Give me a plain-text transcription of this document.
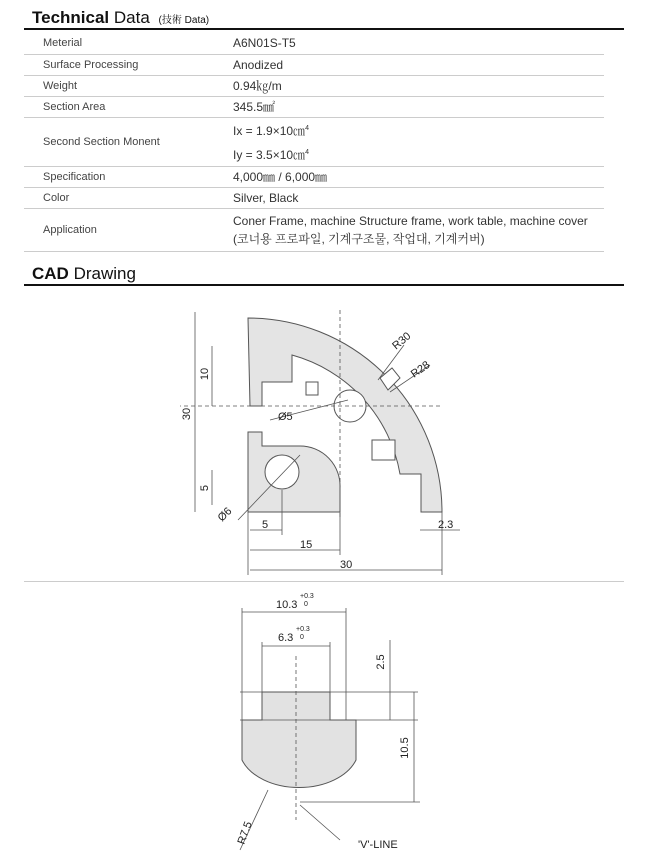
Technical Data (技術 Data)
Meterial	A6N01S-T5
Surface Processing	Anodized
Weight	0.94㎏/m
Section Area	345.5㎟
Second Section Monent	Ix = 1.9×10㎝$^4$
Iy = 3.5×10㎝$^4$

Specification	4,000㎜ / 6,000㎜
Color	Silver, Black
Application	Coner Frame, machine Structure frame, work table, machine cover
(코너용 프로파일, 기계구조물, 작업대, 기계커버)
CAD Drawing
30
10
5
R30
R28
Ø5
Ø6
5
15
30
2.3
10.3
+0.3
0
6.3
+0.3
0
2.5
10.5
R7.5	'V'-LINE
